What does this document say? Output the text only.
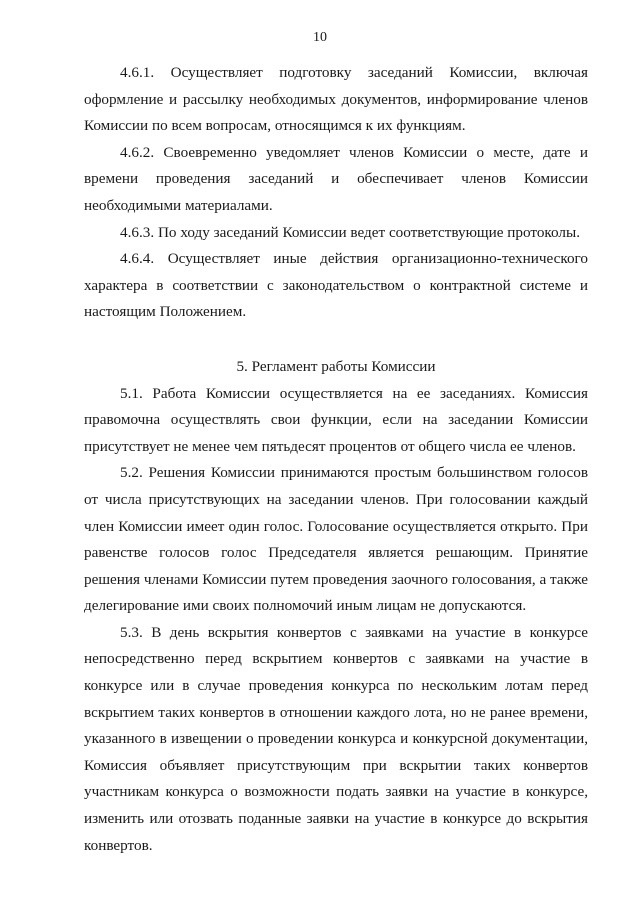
10

4.6.1. Осуществляет подготовку заседаний Комиссии, включая оформление и рассылку необходимых документов, информирование членов Комиссии по всем вопросам, относящимся к их функциям.

4.6.2. Своевременно уведомляет членов Комиссии о месте, дате и времени проведения заседаний и обеспечивает членов Комиссии необходимыми материалами.

4.6.3. По ходу заседаний Комиссии ведет соответствующие протоколы.

4.6.4. Осуществляет иные действия организационно-технического характера в соответствии с законодательством о контрактной системе и настоящим Положением.

5. Регламент работы Комиссии

5.1. Работа Комиссии осуществляется на ее заседаниях. Комиссия правомочна осуществлять свои функции, если на заседании Комиссии присутствует не менее чем пятьдесят процентов от общего числа ее членов.

5.2. Решения Комиссии принимаются простым большинством голосов от числа присутствующих на заседании членов. При голосовании каждый член Комиссии имеет один голос. Голосование осуществляется открыто. При равенстве голосов голос Председателя является решающим. Принятие решения членами Комиссии путем проведения заочного голосования, а также делегирование ими своих полномочий иным лицам не допускаются.

5.3. В день вскрытия конвертов с заявками на участие в конкурсе непосредственно перед вскрытием конвертов с заявками на участие в конкурсе или в случае проведения конкурса по нескольким лотам перед вскрытием таких конвертов в отношении каждого лота, но не ранее времени, указанного в извещении о проведении конкурса и конкурсной документации, Комиссия объявляет присутствующим при вскрытии таких конвертов участникам конкурса о возможности подать заявки на участие в конкурсе, изменить или отозвать поданные заявки на участие в конкурсе до вскрытия конвертов.
